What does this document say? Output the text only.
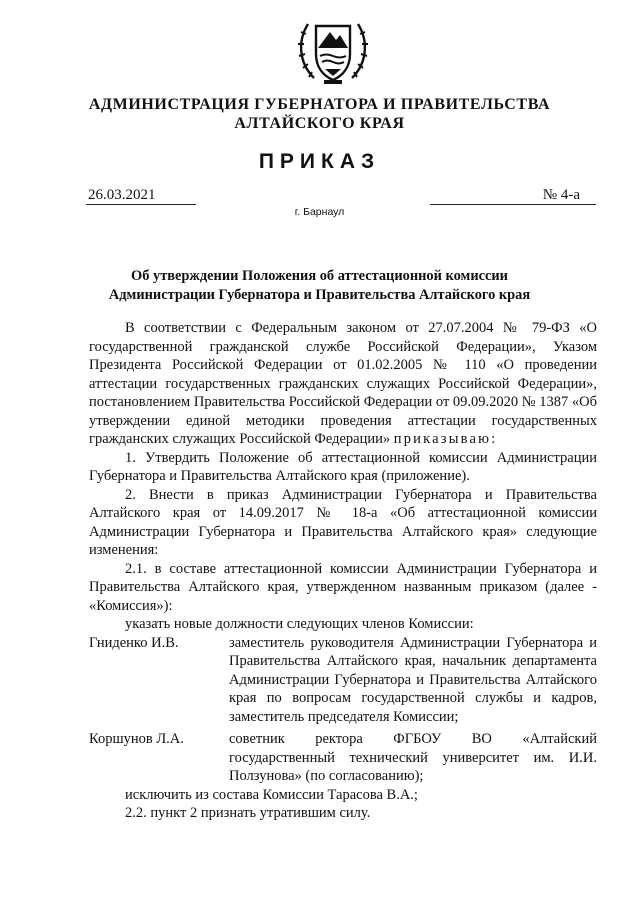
АДМИНИСТРАЦИЯ ГУБЕРНАТОРА И ПРАВИТЕЛЬСТВА
АЛТАЙСКОГО КРАЯ
ПРИКАЗ
26.03.2021	№ 4-а
г. Барнаул
Об утверждении Положения об аттестационной комиссии
Администрации Губернатора и Правительства Алтайского края

В соответствии с Федеральным законом от 27.07.2004 № 79-ФЗ «О государственной гражданской службе Российской Федерации», Указом Президента Российской Федерации от 01.02.2005 № 110 «О проведении аттестации государственных гражданских служащих Российской Федерации», постановлением Правительства Российской Федерации от 09.09.2020 № 1387 «Об утверждении единой методики проведения аттестации государственных гражданских служащих Российской Федерации» приказываю:

1. Утвердить Положение об аттестационной комиссии Администрации Губернатора и Правительства Алтайского края (приложение).

2. Внести в приказ Администрации Губернатора и Правительства Алтайского края от 14.09.2017 № 18-а «Об аттестационной комиссии Администрации Губернатора и Правительства Алтайского края» следующие изменения:

2.1. в составе аттестационной комиссии Администрации Губернатора и Правительства Алтайского края, утвержденном названным приказом (далее - «Комиссия»):

указать новые должности следующих членов Комиссии:

Гниденко И.В.	заместитель руководителя Администрации Губернатора и Правительства Алтайского края, начальник департамента Администрации Губернатора и Правительства Алтайского края по вопросам государственной службы и кадров, заместитель председателя Комиссии;
Коршунов Л.А.	советник ректора ФГБОУ ВО «Алтайский государственный технический университет им. И.И. Ползунова» (по согласованию);

исключить из состава Комиссии Тарасова В.А.;

2.2. пункт 2 признать утратившим силу.
